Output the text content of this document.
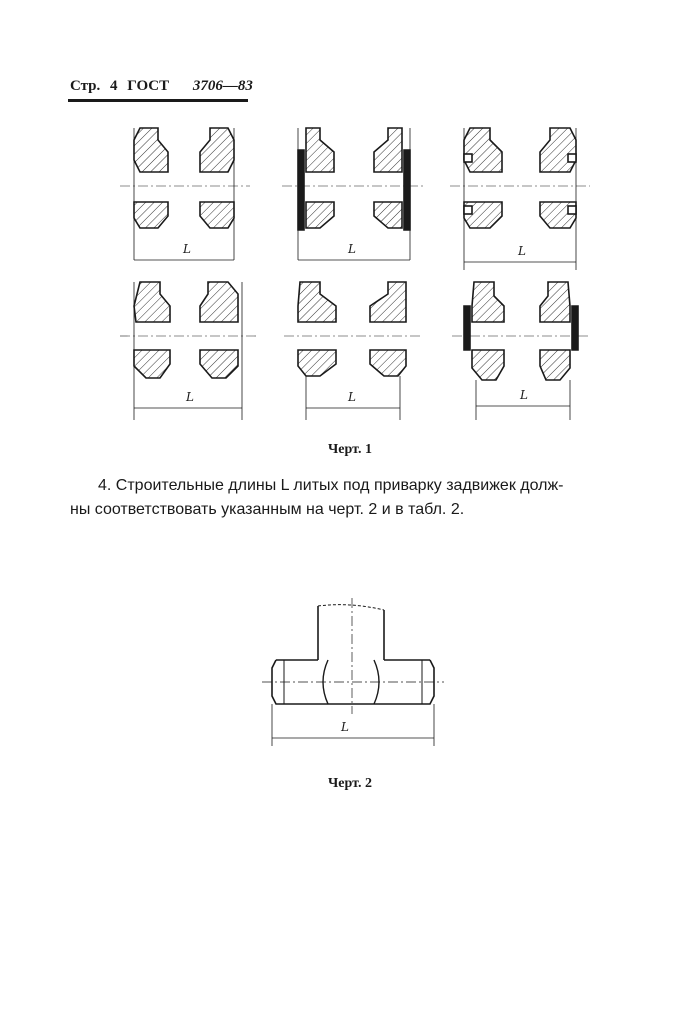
Стр. 4 ГОСТ 3706—83
L	L	L
L	L	L
Черт. 1
4. Строительные длины L литых под приварку задвижек долж-
ны соответствовать указанным на черт. 2 и в табл. 2.
L
Черт. 2
